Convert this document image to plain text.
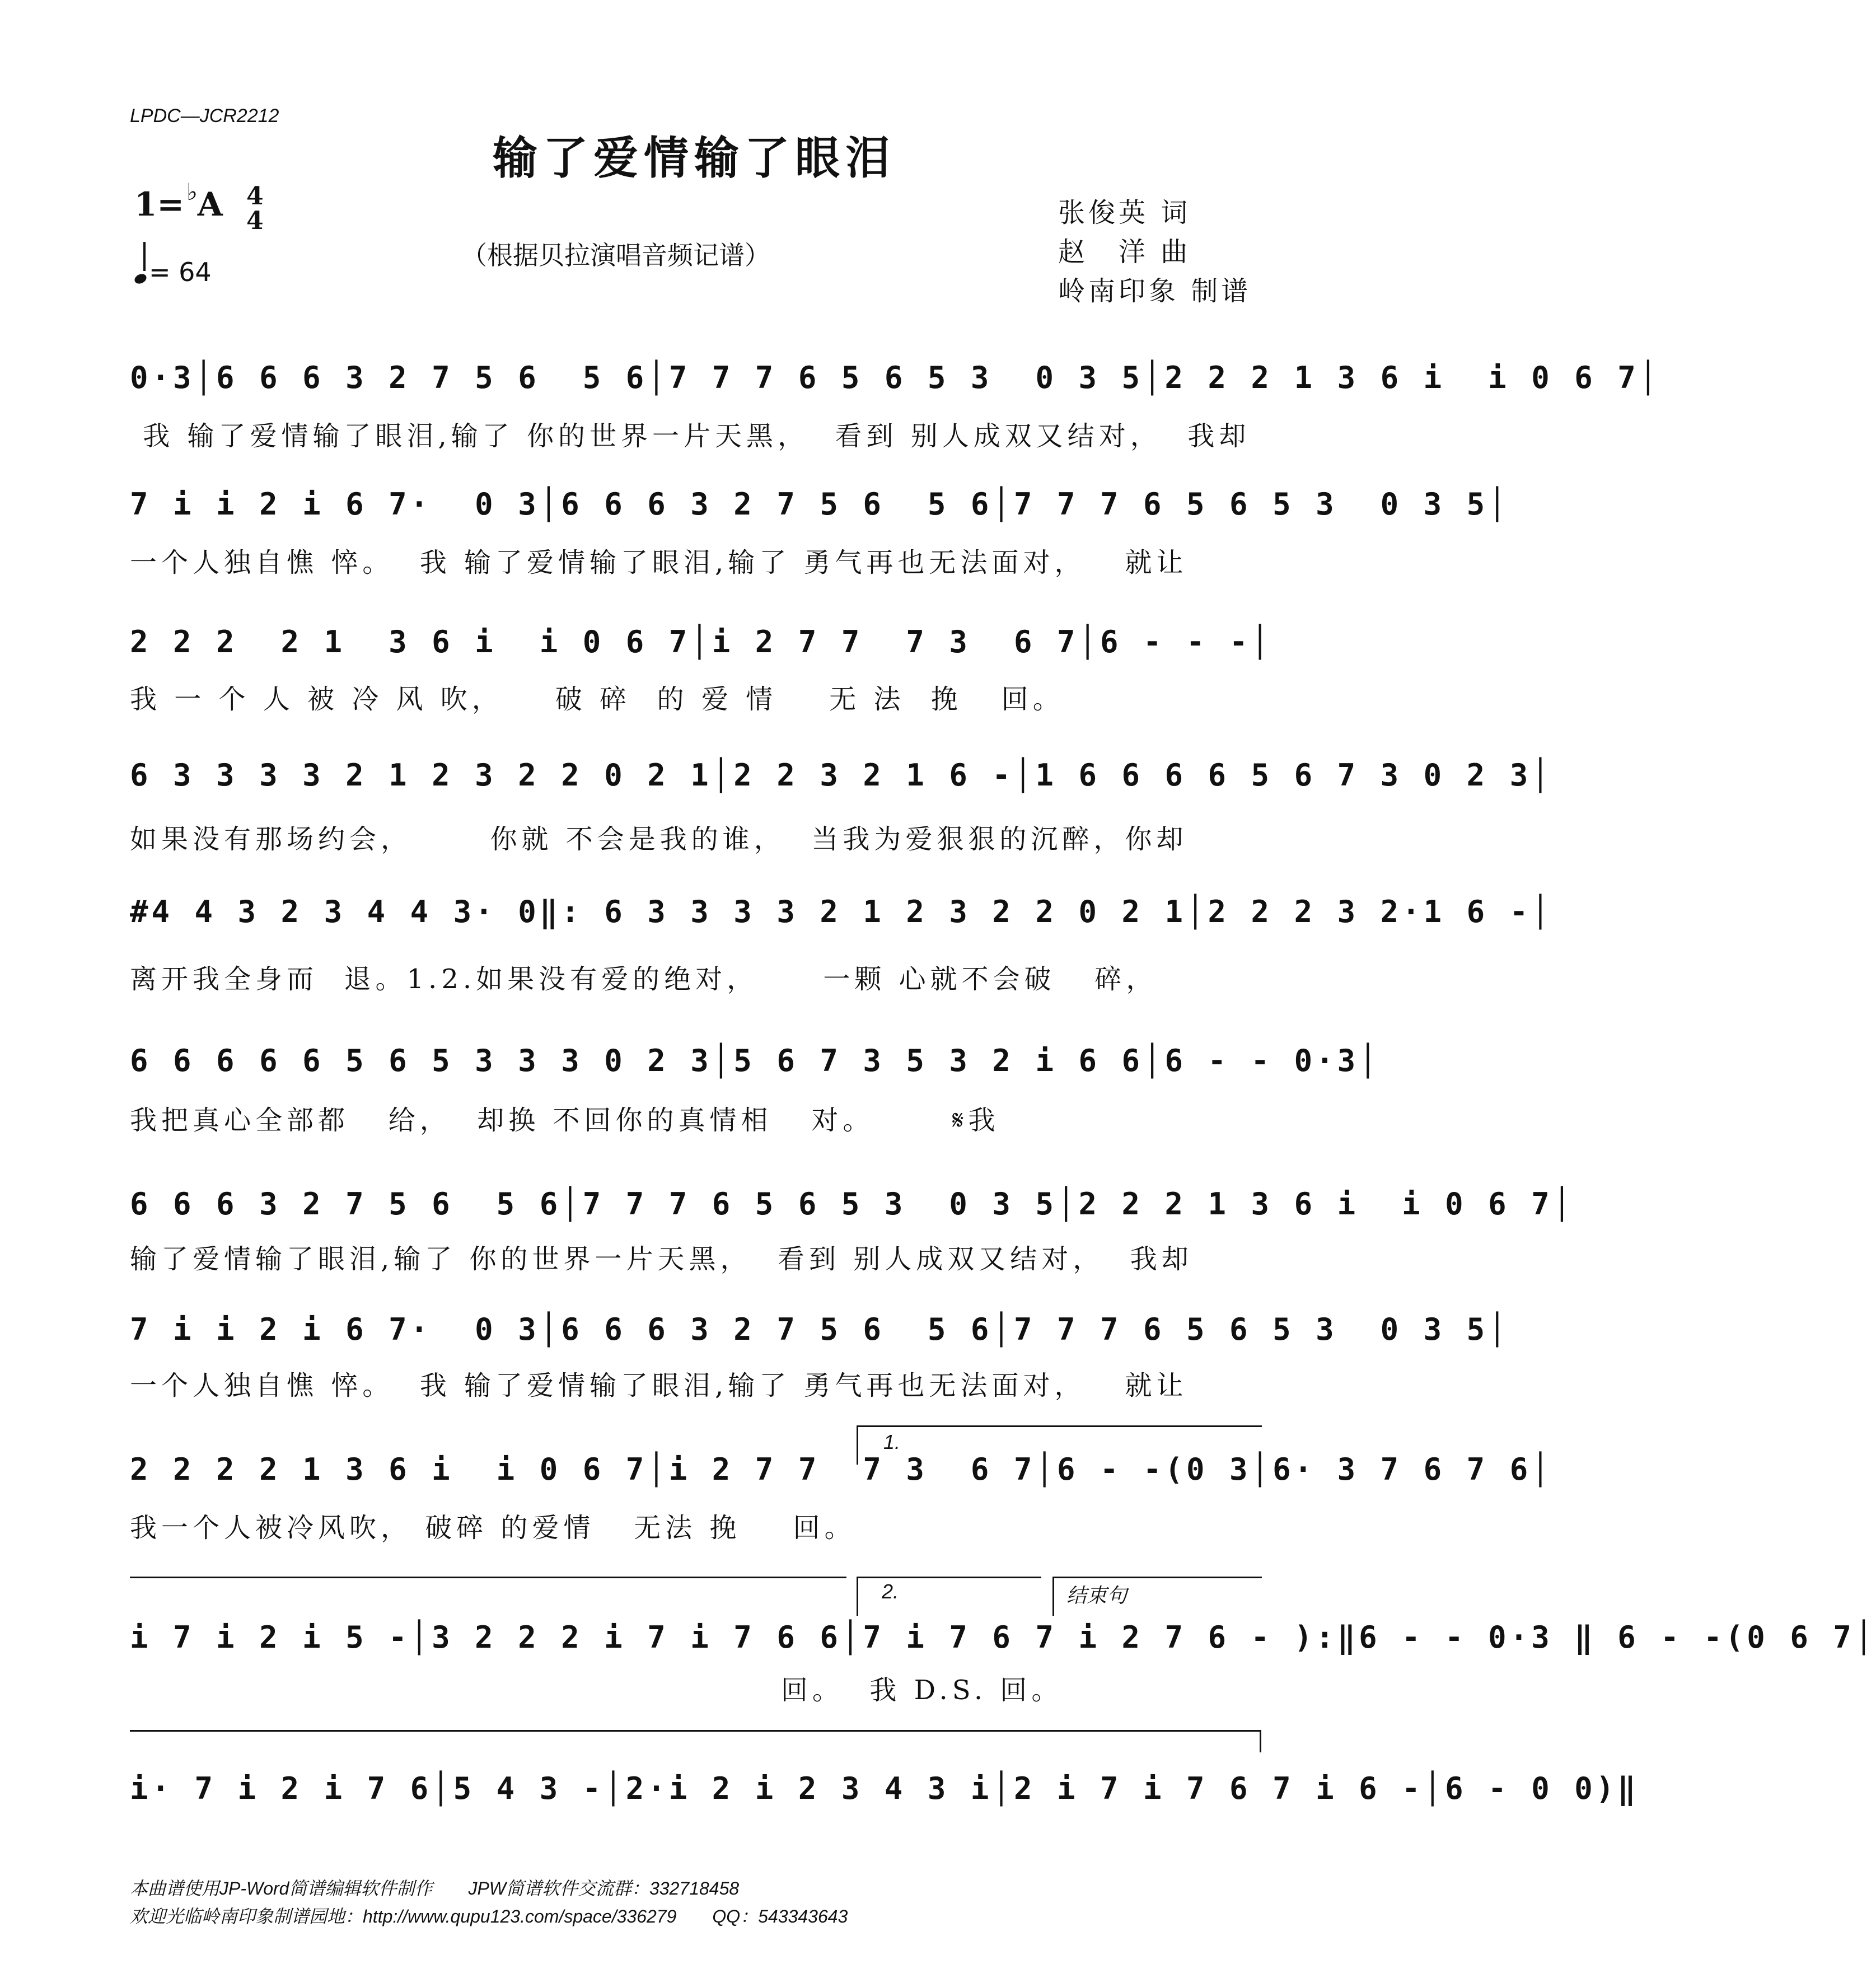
LPDC—JCR2212
输了爱情输了眼泪
1=♭A 4
4
= 64
（根据贝拉演唱音频记谱）
张俊英 词
赵　洋 曲
岭南印象 制谱
0·3│6 6 6 3 2 7 5 6  5 6│7 7 7 6 5 6 5 3  0 3 5│2 2 2 1 3 6 i  i 0 6 7│
我 输了爱情输了眼泪,输了 你的世界一片天黑，  看到 别人成双又结对，  我却
7 i i 2 i 6 7·  0 3│6 6 6 3 2 7 5 6  5 6│7 7 7 6 5 6 5 3  0 3 5│
一个人独自憔 悴。  我 输了爱情输了眼泪,输了 勇气再也无法面对，   就让
2 2 2  2 1  3 6 i  i 0 6 7│i 2 7 7  7 3  6 7│6 - - -│
我 一 个 人 被 冷 风 吹，    破 碎  的 爱 情    无 法  挽   回。
6 3 3 3 3 2 1 2 3 2 2 0 2 1│2 2 3 2 1 6 -│1 6 6 6 6 5 6 7 3 0 2 3│
如果没有那场约会，      你就 不会是我的谁，  当我为爱狠狠的沉醉，你却
#4 4 3 2 3 4 4 3· 0‖: 6 3 3 3 3 2 1 2 3 2 2 0 2 1│2 2 2 3 2·1 6 -│
离开我全身而  退。1.2.如果没有爱的绝对，     一颗 心就不会破   碎，
6 6 6 6 6 5 6 5 3 3 3 0 2 3│5 6 7 3 5 3 2 i 6 6│6 - - 0·3│
我把真心全部都   给，  却换 不回你的真情相   对。      𝄋我
6 6 6 3 2 7 5 6  5 6│7 7 7 6 5 6 5 3  0 3 5│2 2 2 1 3 6 i  i 0 6 7│
输了爱情输了眼泪,输了 你的世界一片天黑，  看到 别人成双又结对，  我却
7 i i 2 i 6 7·  0 3│6 6 6 3 2 7 5 6  5 6│7 7 7 6 5 6 5 3  0 3 5│
一个人独自憔 悴。  我 输了爱情输了眼泪,输了 勇气再也无法面对，   就让
1.
2 2 2 2 1 3 6 i  i 0 6 7│i 2 7 7  7 3  6 7│6 - -(0 3│6· 3 7 6 7 6│
我一个人被冷风吹， 破碎 的爱情   无法 挽    回。
2.	结束句
i 7 i 2 i 5 -│3 2 2 2 i 7 i 7 6 6│7 i 7 6 7 i 2 7 6 - ):‖6 - - 0·3 ‖ 6 - -(0 6 7│
回。  我 D.S. 回。
i· 7 i 2 i 7 6│5 4 3 -│2·i 2 i 2 3 4 3 i│2 i 7 i 7 6 7 i 6 -│6 - 0 0)‖
本曲谱使用JP-Word简谱编辑软件制作　　JPW简谱软件交流群：332718458
欢迎光临岭南印象制谱园地：http://www.qupu123.com/space/336279　　QQ：543343643
